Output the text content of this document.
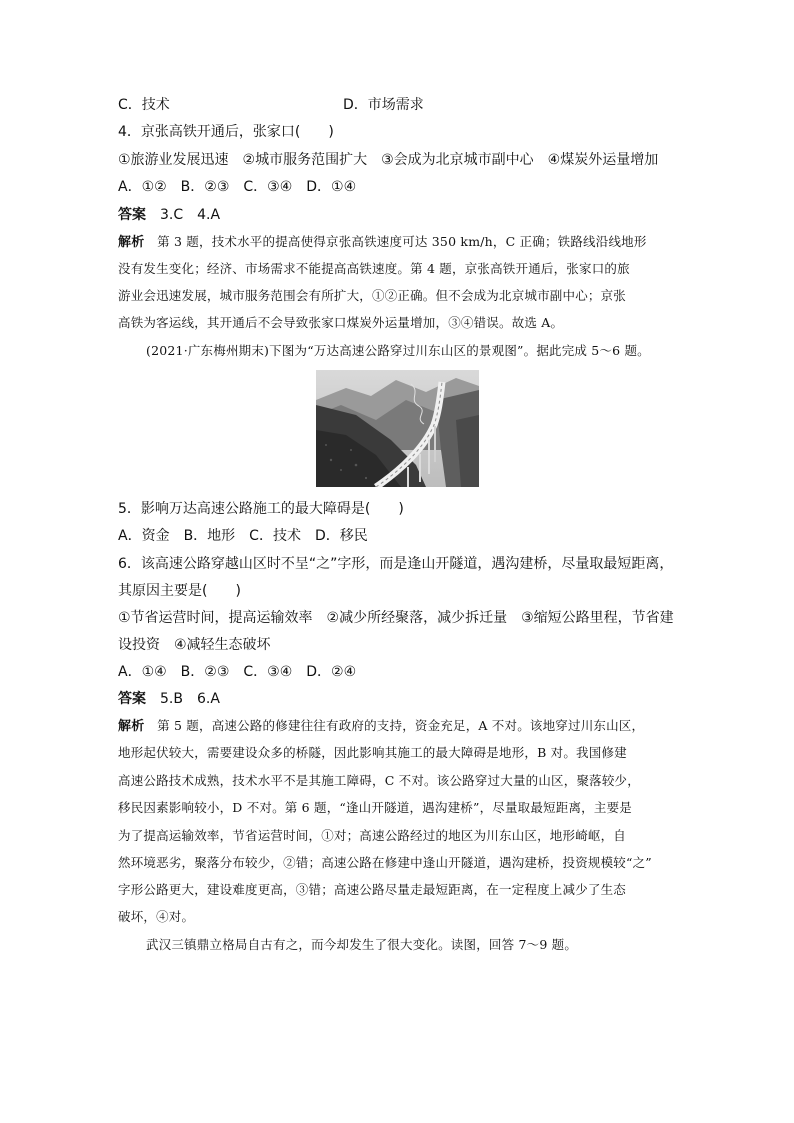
C．技术	D．市场需求
4．京张高铁开通后，张家口(　　)
①旅游业发展迅速　②城市服务范围扩大　③会成为北京城市副中心　④煤炭外运量增加
A．①②　B．②③　C．③④　D．①④
答案　 3.C　4.A
解析　 第 3 题，技术水平的提高使得京张高铁速度可达 350 km/h，C 正确；铁路线沿线地形
没有发生变化；经济、市场需求不能提高高铁速度。第 4 题，京张高铁开通后，张家口的旅
游业会迅速发展，城市服务范围会有所扩大，①②正确。但不会成为北京城市副中心；京张
高铁为客运线，其开通后不会导致张家口煤炭外运量增加，③④错误。故选 A。
(2021·广东梅州期末)下图为“万达高速公路穿过川东山区的景观图”。据此完成 5～6 题。
5．影响万达高速公路施工的最大障碍是(　　)
A．资金　B．地形　C．技术　D．移民
6．该高速公路穿越山区时不呈“之”字形，而是逢山开隧道，遇沟建桥，尽量取最短距离，
其原因主要是(　　)
①节省运营时间，提高运输效率　②减少所经聚落，减少拆迁量　③缩短公路里程，节省建
设投资　④减轻生态破坏
A．①④　B．②③　C．③④　D．②④
答案　 5.B　6.A
解析　 第 5 题，高速公路的修建往往有政府的支持，资金充足，A 不对。该地穿过川东山区，
地形起伏较大，需要建设众多的桥隧，因此影响其施工的最大障碍是地形，B 对。我国修建
高速公路技术成熟，技术水平不是其施工障碍，C 不对。该公路穿过大量的山区，聚落较少，
移民因素影响较小，D 不对。第 6 题，“逢山开隧道，遇沟建桥”，尽量取最短距离，主要是
为了提高运输效率，节省运营时间，①对；高速公路经过的地区为川东山区，地形崎岖，自
然环境恶劣，聚落分布较少，②错；高速公路在修建中逢山开隧道，遇沟建桥，投资规模较“之”
字形公路更大，建设难度更高，③错；高速公路尽量走最短距离，在一定程度上减少了生态
破坏，④对。
武汉三镇鼎立格局自古有之，而今却发生了很大变化。读图，回答 7～9 题。
